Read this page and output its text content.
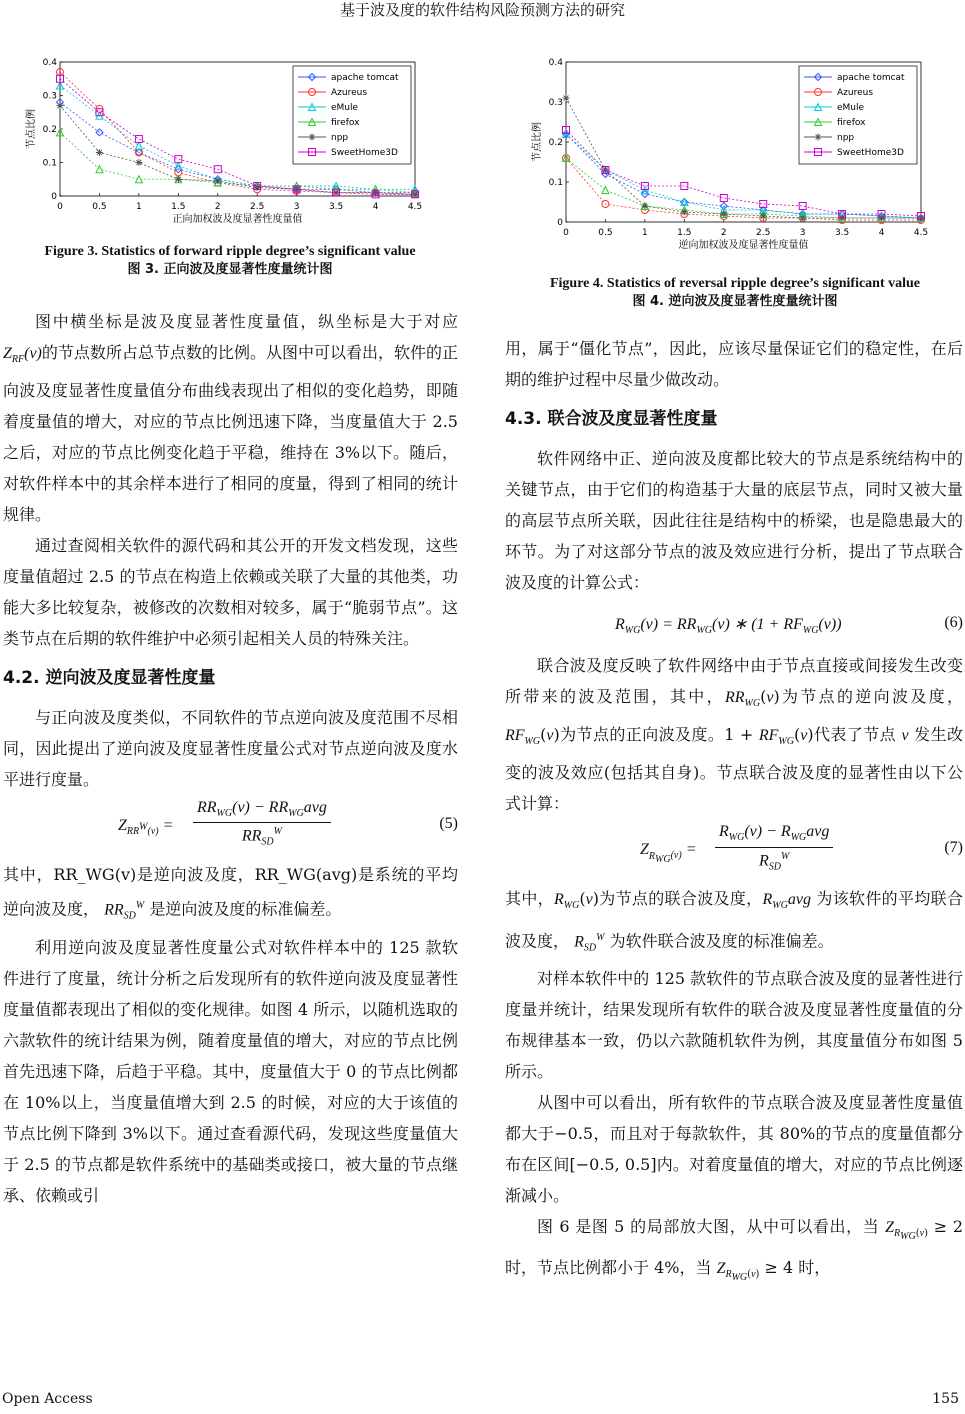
基于波及度的软件结构风险预测方法的研究
0	0.5	1	1.5	2	2.5	3	3.5	4	4.5
0
0.1
0.2
0.3
0.4
正向加权波及度显著性度量值
节点比例
apache tomcat
Azureus
eMule
firefox
npp
SweetHome3D
Figure 3. Statistics of forward ripple degree’s significant value
图 3. 正向波及度显著性度量统计图
0	0.5	1	1.5	2	2.5	3	3.5	4	4.5
0
0.1
0.2
0.3
0.4
逆向加权波及度显著性度量值
节点比例
apache tomcat
Azureus
eMule
firefox
npp
SweetHome3D
Figure 4. Statistics of reversal ripple degree’s significant value
图 4. 逆向波及度显著性度量统计图

图中横坐标是波及度显著性度量值，纵坐标是大于对应 $Z_{RF}(v)$的节点数所占总节点数的比例。从图中可以看出，软件的正向波及度显著性度量值分布曲线表现出了相似的变化趋势，即随着度量值的增大，对应的节点比例迅速下降，当度量值大于 2.5 之后，对应的节点比例变化趋于平稳，维持在 3%以下。随后，对软件样本中的其余样本进行了相同的度量，得到了相同的统计规律。

通过查阅相关软件的源代码和其公开的开发文档发现，这些度量值超过 2.5 的节点在构造上依赖或关联了大量的其他类，功能大多比较复杂，被修改的次数相对较多，属于“脆弱节点”。这类节点在后期的软件维护中必须引起相关人员的特殊关注。

4.2. 逆向波及度显著性度量

与正向波及度类似，不同软件的节点逆向波及度范围不尽相同，因此提出了逆向波及度显著性度量公式对节点逆向波及度水平进行度量。

$Z_{RR^W(v)}$ =
$RR_{WG}(v) - RR_{WG}avg$
$RR_{SD}^W$	(5)

其中，RR_WG(v)是逆向波及度，RR_WG(avg)是系统的平均逆向波及度， $RR_{SD}^W$ 是逆向波及度的标准偏差。

利用逆向波及度显著性度量公式对软件样本中的 125 款软件进行了度量，统计分析之后发现所有的软件逆向波及度显著性度量值都表现出了相似的变化规律。如图 4 所示，以随机选取的六款软件的统计结果为例，随着度量值的增大，对应的节点比例首先迅速下降，后趋于平稳。其中，度量值大于 0 的节点比例都在 10%以上，当度量值增大到 2.5 的时候，对应的大于该值的节点比例下降到 3%以下。通过查看源代码，发现这些度量值大于 2.5 的节点都是软件系统中的基础类或接口，被大量的节点继承、依赖或引

用，属于“僵化节点”，因此，应该尽量保证它们的稳定性，在后期的维护过程中尽量少做改动。

4.3. 联合波及度显著性度量

软件网络中正、逆向波及度都比较大的节点是系统结构中的关键节点，由于它们的构造基于大量的底层节点，同时又被大量的高层节点所关联，因此往往是结构中的桥梁，也是隐患最大的环节。为了对这部分节点的波及效应进行分析，提出了节点联合波及度的计算公式：

$R_{WG}(v) = RR_{WG}(v)$ ∗ $(1 + RF_{WG}(v))$	(6)

联合波及度反映了软件网络中由于节点直接或间接发生改变所带来的波及范围，其中，$RR_{WG}(v)$为节点的逆向波及度，$RF_{WG}(v)$为节点的正向波及度。$1 + RF_{WG}(v)$代表了节点 v 发生改变的波及效应(包括其自身)。节点联合波及度的显著性由以下公式计算：

$Z_{R_{WG}(v)}$ =
$R_{WG}(v) - R_{WG}avg$
$R_{SD}^W$	(7)

其中，$R_{WG}(v)$为节点的联合波及度，$R_{WG}avg$ 为该软件的平均联合波及度， $R_{SD}^W$ 为软件联合波及度的标准偏差。

对样本软件中的 125 款软件的节点联合波及度的显著性进行度量并统计，结果发现所有软件的联合波及度显著性度量值的分布规律基本一致，仍以六款随机软件为例，其度量值分布如图 5 所示。

从图中可以看出，所有软件的节点联合波及度显著性度量值都大于−0.5，而且对于每款软件，其 80%的节点的度量值都分布在区间[−0.5, 0.5]内。对着度量值的增大，对应的节点比例逐渐减小。

图 6 是图 5 的局部放大图，从中可以看出，当 $Z_{R_{WG}(v)} \ge 2$ 时，节点比例都小于 4%，当 $Z_{R_{WG}(v)} \ge 4$ 时，

Open Access	155
